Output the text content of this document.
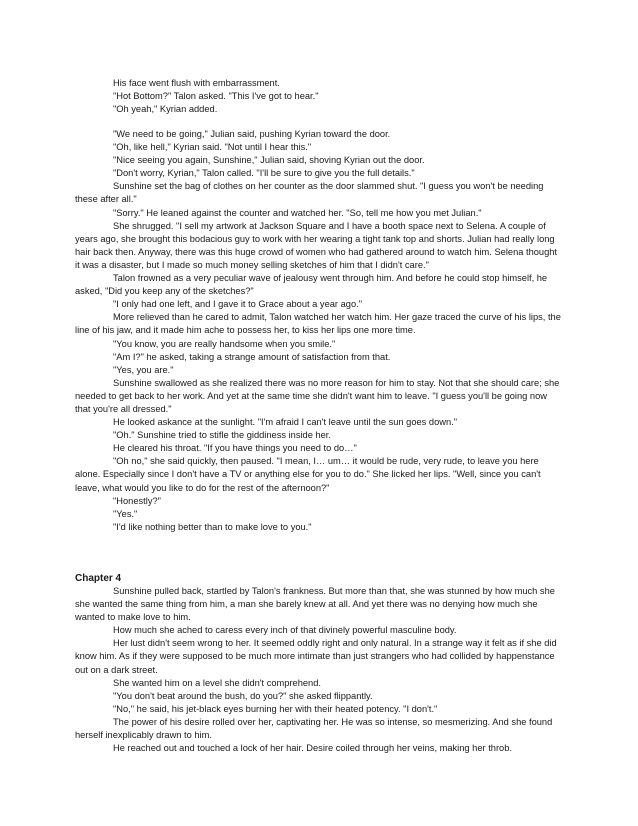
His face went flush with embarrassment.

"Hot Bottom?" Talon asked. "This I've got to hear."

"Oh yeah," Kyrian added.

"We need to be going," Julian said, pushing Kyrian toward the door.

"Oh, like hell," Kyrian said. "Not until I hear this."

"Nice seeing you again, Sunshine," Julian said, shoving Kyrian out the door.

"Don't worry, Kyrian," Talon called. "I'll be sure to give you the full details."

Sunshine set the bag of clothes on her counter as the door slammed shut. "I guess you won't be needing these after all."

"Sorry." He leaned against the counter and watched her. "So, tell me how you met Julian."

She shrugged. "I sell my artwork at Jackson Square and I have a booth space next to Selena. A couple of years ago, she brought this bodacious guy to work with her wearing a tight tank top and shorts. Julian had really long hair back then. Anyway, there was this huge crowd of women who had gathered around to watch him. Selena thought it was a disaster, but I made so much money selling sketches of him that I didn't care."

Talon frowned as a very peculiar wave of jealousy went through him. And before he could stop himself, he asked, "Did you keep any of the sketches?"

"I only had one left, and I gave it to Grace about a year ago."

More relieved than he cared to admit, Talon watched her watch him. Her gaze traced the curve of his lips, the line of his jaw, and it made him ache to possess her, to kiss her lips one more time.

"You know, you are really handsome when you smile."

"Am I?" he asked, taking a strange amount of satisfaction from that.

"Yes, you are."

Sunshine swallowed as she realized there was no more reason for him to stay. Not that she should care; she needed to get back to her work. And yet at the same time she didn't want him to leave. "I guess you'll be going now that you're all dressed."

He looked askance at the sunlight. "I'm afraid I can't leave until the sun goes down."

"Oh." Sunshine tried to stifle the giddiness inside her.

He cleared his throat. "If you have things you need to do…"

"Oh no," she said quickly, then paused. "I mean, I… um… it would be rude, very rude, to leave you here alone. Especially since I don't have a TV or anything else for you to do." She licked her lips. "Well, since you can't leave, what would you like to do for the rest of the afternoon?"

"Honestly?"

"Yes."

"I'd like nothing better than to make love to you."

Chapter 4

Sunshine pulled back, startled by Talon's frankness. But more than that, she was stunned by how much she she wanted the same thing from him, a man she barely knew at all. And yet there was no denying how much she wanted to make love to him.

How much she ached to caress every inch of that divinely powerful masculine body.

Her lust didn't seem wrong to her. It seemed oddly right and only natural. In a strange way it felt as if she did know him. As if they were supposed to be much more intimate than just strangers who had collided by happenstance out on a dark street.

She wanted him on a level she didn't comprehend.

"You don't beat around the bush, do you?" she asked flippantly.

"No," he said, his jet-black eyes burning her with their heated potency. "I don't."

The power of his desire rolled over her, captivating her. He was so intense, so mesmerizing. And she found herself inexplicably drawn to him.

He reached out and touched a lock of her hair. Desire coiled through her veins, making her throb.
